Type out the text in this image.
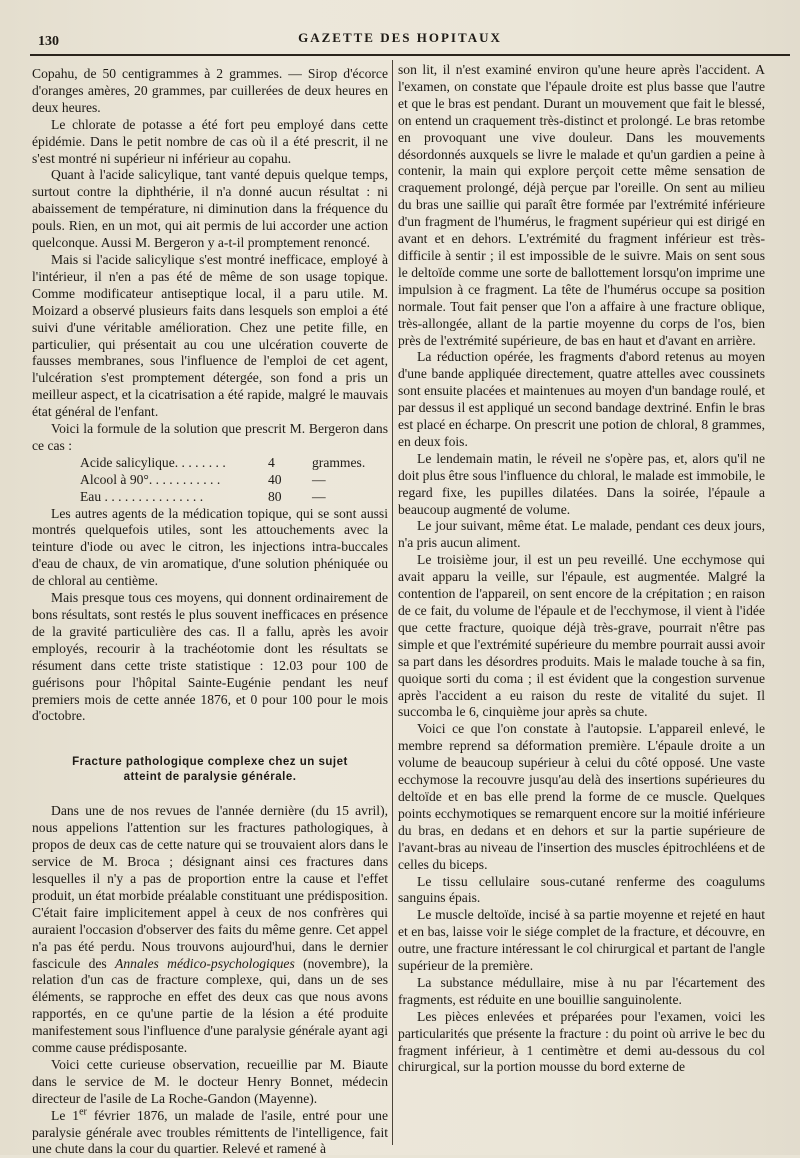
130	GAZETTE DES HOPITAUX

Copahu, de 50 centigrammes à 2 grammes. — Sirop d'écorce d'oranges amères, 20 grammes, par cuillerées de deux heures en deux heures.

Le chlorate de potasse a été fort peu employé dans cette épidémie. Dans le petit nombre de cas où il a été prescrit, il ne s'est montré ni supérieur ni inférieur au copahu.

Quant à l'acide salicylique, tant vanté depuis quelque temps, surtout contre la diphthérie, il n'a donné aucun résultat : ni abaissement de température, ni diminution dans la fréquence du pouls. Rien, en un mot, qui ait permis de lui accorder une action quelconque. Aussi M. Bergeron y a-t-il promptement renoncé.

Mais si l'acide salicylique s'est montré inefficace, employé à l'intérieur, il n'en a pas été de même de son usage topique. Comme modificateur antiseptique local, il a paru utile. M. Moizard a observé plusieurs faits dans lesquels son emploi a été suivi d'une véritable amélioration. Chez une petite fille, en particulier, qui présentait au cou une ulcération couverte de fausses membranes, sous l'influence de l'emploi de cet agent, l'ulcération s'est promptement détergée, son fond a pris un meilleur aspect, et la cicatrisation a été rapide, malgré le mauvais état général de l'enfant.

Voici la formule de la solution que prescrit M. Bergeron dans ce cas :

Acide salicylique. . . . . . . .	4	grammes.
Alcool à 90°. . . . . . . . . . .	40	—
Eau . . . . . . . . . . . . . . .	80	—

Les autres agents de la médication topique, qui se sont aussi montrés quelquefois utiles, sont les attouchements avec la teinture d'iode ou avec le citron, les injections intra-buccales d'eau de chaux, de vin aromatique, d'une solution phéniquée ou de chloral au centième.

Mais presque tous ces moyens, qui donnent ordinairement de bons résultats, sont restés le plus souvent inefficaces en présence de la gravité particulière des cas. Il a fallu, après les avoir employés, recourir à la trachéotomie dont les résultats se résument dans cette triste statistique : 12.03 pour 100 de guérisons pour l'hôpital Sainte-Eugénie pendant les neuf premiers mois de cette année 1876, et 0 pour 100 pour le mois d'octobre.

Fracture pathologique complexe chez un sujet
atteint de paralysie générale.

Dans une de nos revues de l'année dernière (du 15 avril), nous appelions l'attention sur les fractures pathologiques, à propos de deux cas de cette nature qui se trouvaient alors dans le service de M. Broca ; désignant ainsi ces fractures dans lesquelles il n'y a pas de proportion entre la cause et l'effet produit, un état morbide préalable constituant une prédisposition. C'était faire implicitement appel à ceux de nos confrères qui auraient l'occasion d'observer des faits du même genre. Cet appel n'a pas été perdu. Nous trouvons aujourd'hui, dans le dernier fascicule des Annales médico-psychologiques (novembre), la relation d'un cas de fracture complexe, qui, dans un de ses éléments, se rapproche en effet des deux cas que nous avons rapportés, en ce qu'une partie de la lésion a été produite manifestement sous l'influence d'une paralysie générale ayant agi comme cause prédisposante.

Voici cette curieuse observation, recueillie par M. Biaute dans le service de M. le docteur Henry Bonnet, médecin directeur de l'asile de La Roche-Gandon (Mayenne).

Le 1er février 1876, un malade de l'asile, entré pour une paralysie générale avec troubles rémittents de l'intelligence, fait une chute dans la cour du quartier. Relevé et ramené à

son lit, il n'est examiné environ qu'une heure après l'accident. A l'examen, on constate que l'épaule droite est plus basse que l'autre et que le bras est pendant. Durant un mouvement que fait le blessé, on entend un craquement très-distinct et prolongé. Le bras retombe en provoquant une vive douleur. Dans les mouvements désordonnés auxquels se livre le malade et qu'un gardien a peine à contenir, la main qui explore perçoit cette même sensation de craquement prolongé, déjà perçue par l'oreille. On sent au milieu du bras une saillie qui paraît être formée par l'extrémité inférieure d'un fragment de l'humérus, le fragment supérieur qui est dirigé en avant et en dehors. L'extrémité du fragment inférieur est très-difficile à sentir ; il est impossible de le suivre. Mais on sent sous le deltoïde comme une sorte de ballottement lorsqu'on imprime une impulsion à ce fragment. La tête de l'humérus occupe sa position normale. Tout fait penser que l'on a affaire à une fracture oblique, très-allongée, allant de la partie moyenne du corps de l'os, bien près de l'extrémité supérieure, de bas en haut et d'avant en arrière.

La réduction opérée, les fragments d'abord retenus au moyen d'une bande appliquée directement, quatre attelles avec coussinets sont ensuite placées et maintenues au moyen d'un bandage roulé, et par dessus il est appliqué un second bandage dextriné. Enfin le bras est placé en écharpe. On prescrit une potion de chloral, 8 grammes, en deux fois.

Le lendemain matin, le réveil ne s'opère pas, et, alors qu'il ne doit plus être sous l'influence du chloral, le malade est immobile, le regard fixe, les pupilles dilatées. Dans la soirée, l'épaule a beaucoup augmenté de volume.

Le jour suivant, même état. Le malade, pendant ces deux jours, n'a pris aucun aliment.

Le troisième jour, il est un peu reveillé. Une ecchymose qui avait apparu la veille, sur l'épaule, est augmentée. Malgré la contention de l'appareil, on sent encore de la crépitation ; en raison de ce fait, du volume de l'épaule et de l'ecchymose, il vient à l'idée que cette fracture, quoique déjà très-grave, pourrait n'être pas simple et que l'extrémité supérieure du membre pourrait aussi avoir sa part dans les désordres produits. Mais le malade touche à sa fin, quoique sorti du coma ; il est évident que la congestion survenue après l'accident a eu raison du reste de vitalité du sujet. Il succomba le 6, cinquième jour après sa chute.

Voici ce que l'on constate à l'autopsie. L'appareil enlevé, le membre reprend sa déformation première. L'épaule droite a un volume de beaucoup supérieur à celui du côté opposé. Une vaste ecchymose la recouvre jusqu'au delà des insertions supérieures du deltoïde et en bas elle prend la forme de ce muscle. Quelques points ecchymotiques se remarquent encore sur la moitié inférieure du bras, en dedans et en dehors et sur la partie supérieure de l'avant-bras au niveau de l'insertion des muscles épitrochléens et de celles du biceps.

Le tissu cellulaire sous-cutané renferme des coagulums sanguins épais.

Le muscle deltoïde, incisé à sa partie moyenne et rejeté en haut et en bas, laisse voir le siége complet de la fracture, et découvre, en outre, une fracture intéressant le col chirurgical et partant de l'angle supérieur de la première.

La substance médullaire, mise à nu par l'écartement des fragments, est réduite en une bouillie sanguinolente.

Les pièces enlevées et préparées pour l'examen, voici les particularités que présente la fracture : du point où arrive le bec du fragment inférieur, à 1 centimètre et demi au-dessous du col chirurgical, sur la portion mousse du bord externe de
